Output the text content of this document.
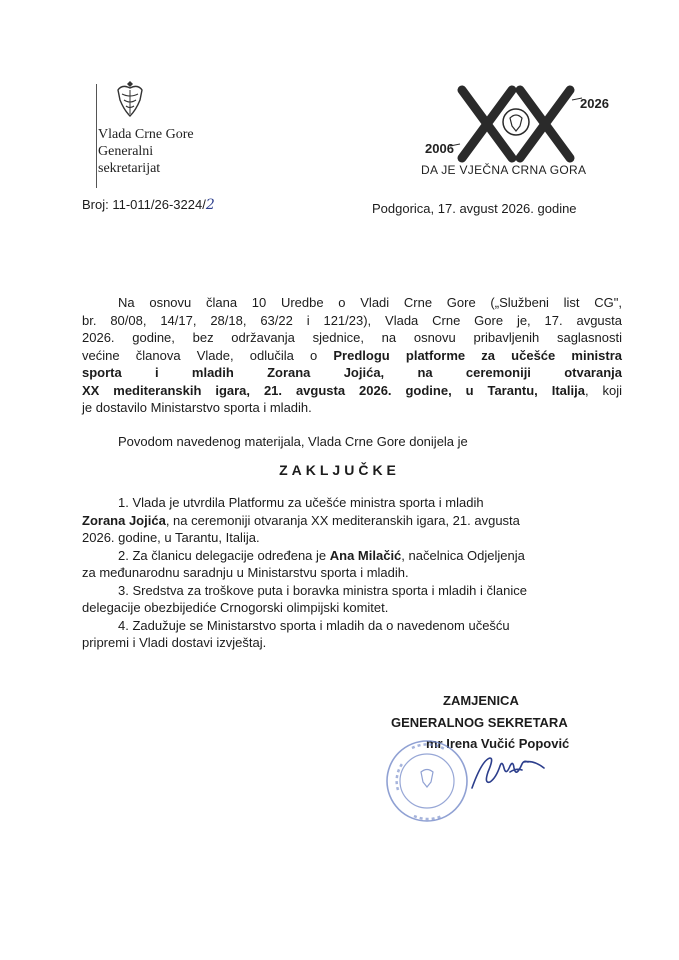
Vlada Crne Gore
Generalni
sekretarijat
2026
2006
DA JE VJEČNA CRNA GORA
Broj: 11-011/26-3224/2	Podgorica, 17. avgust 2026. godine
Na osnovu člana 10 Uredbe o Vladi Crne Gore („Službeni list CG",
br. 80/08, 14/17, 28/18, 63/22 i 121/23), Vlada Crne Gore je, 17. avgusta
2026. godine, bez održavanja sjednice, na osnovu pribavljenih saglasnosti
većine članova Vlade, odlučila o Predlogu platforme za učešće ministra
sporta i mladih Zorana Jojića, na ceremoniji otvaranja
XX mediteranskih igara, 21. avgusta 2026. godine, u Tarantu, Italija, koji
je dostavilo Ministarstvo sporta i mladih.
Povodom navedenog materijala, Vlada Crne Gore donijela je
ZAKLJUČKE
1. Vlada je utvrdila Platformu za učešće ministra sporta i mladih
Zorana Jojića, na ceremoniji otvaranja XX mediteranskih igara, 21. avgusta
2026. godine, u Tarantu, Italija.
2. Za članicu delegacije određena je Ana Milačić, načelnica Odjeljenja
za međunarodnu saradnju u Ministarstvu sporta i mladih.
3. Sredstva za troškove puta i boravka ministra sporta i mladih i članice
delegacije obezbijediće Crnogorski olimpijski komitet.
4. Zadužuje se Ministarstvo sporta i mladih da o navedenom učešću
pripremi i Vladi dostavi izvještaj.
ZAMJENICA
GENERALNOG SEKRETARA
mr Irena Vučić Popović
